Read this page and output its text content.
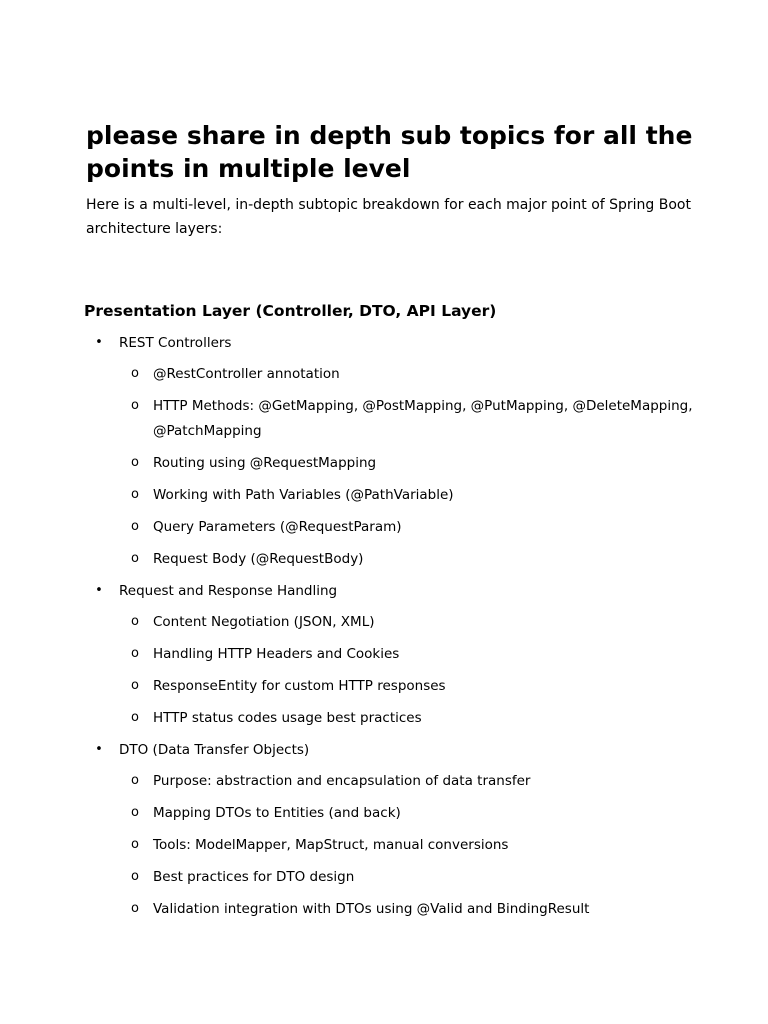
please share in depth sub topics for all the points in multiple level

Here is a multi-level, in-depth subtopic breakdown for each major point of Spring Boot architecture layers:

Presentation Layer (Controller, DTO, API Layer)
• REST Controllers
o @RestController annotation
o HTTP Methods: @GetMapping, @PostMapping, @PutMapping, @DeleteMapping, @PatchMapping
o Routing using @RequestMapping
o Working with Path Variables (@PathVariable)
o Query Parameters (@RequestParam)
o Request Body (@RequestBody)
• Request and Response Handling
o Content Negotiation (JSON, XML)
o Handling HTTP Headers and Cookies
o ResponseEntity for custom HTTP responses
o HTTP status codes usage best practices
• DTO (Data Transfer Objects)
o Purpose: abstraction and encapsulation of data transfer
o Mapping DTOs to Entities (and back)
o Tools: ModelMapper, MapStruct, manual conversions
o Best practices for DTO design
o Validation integration with DTOs using @Valid and BindingResult
